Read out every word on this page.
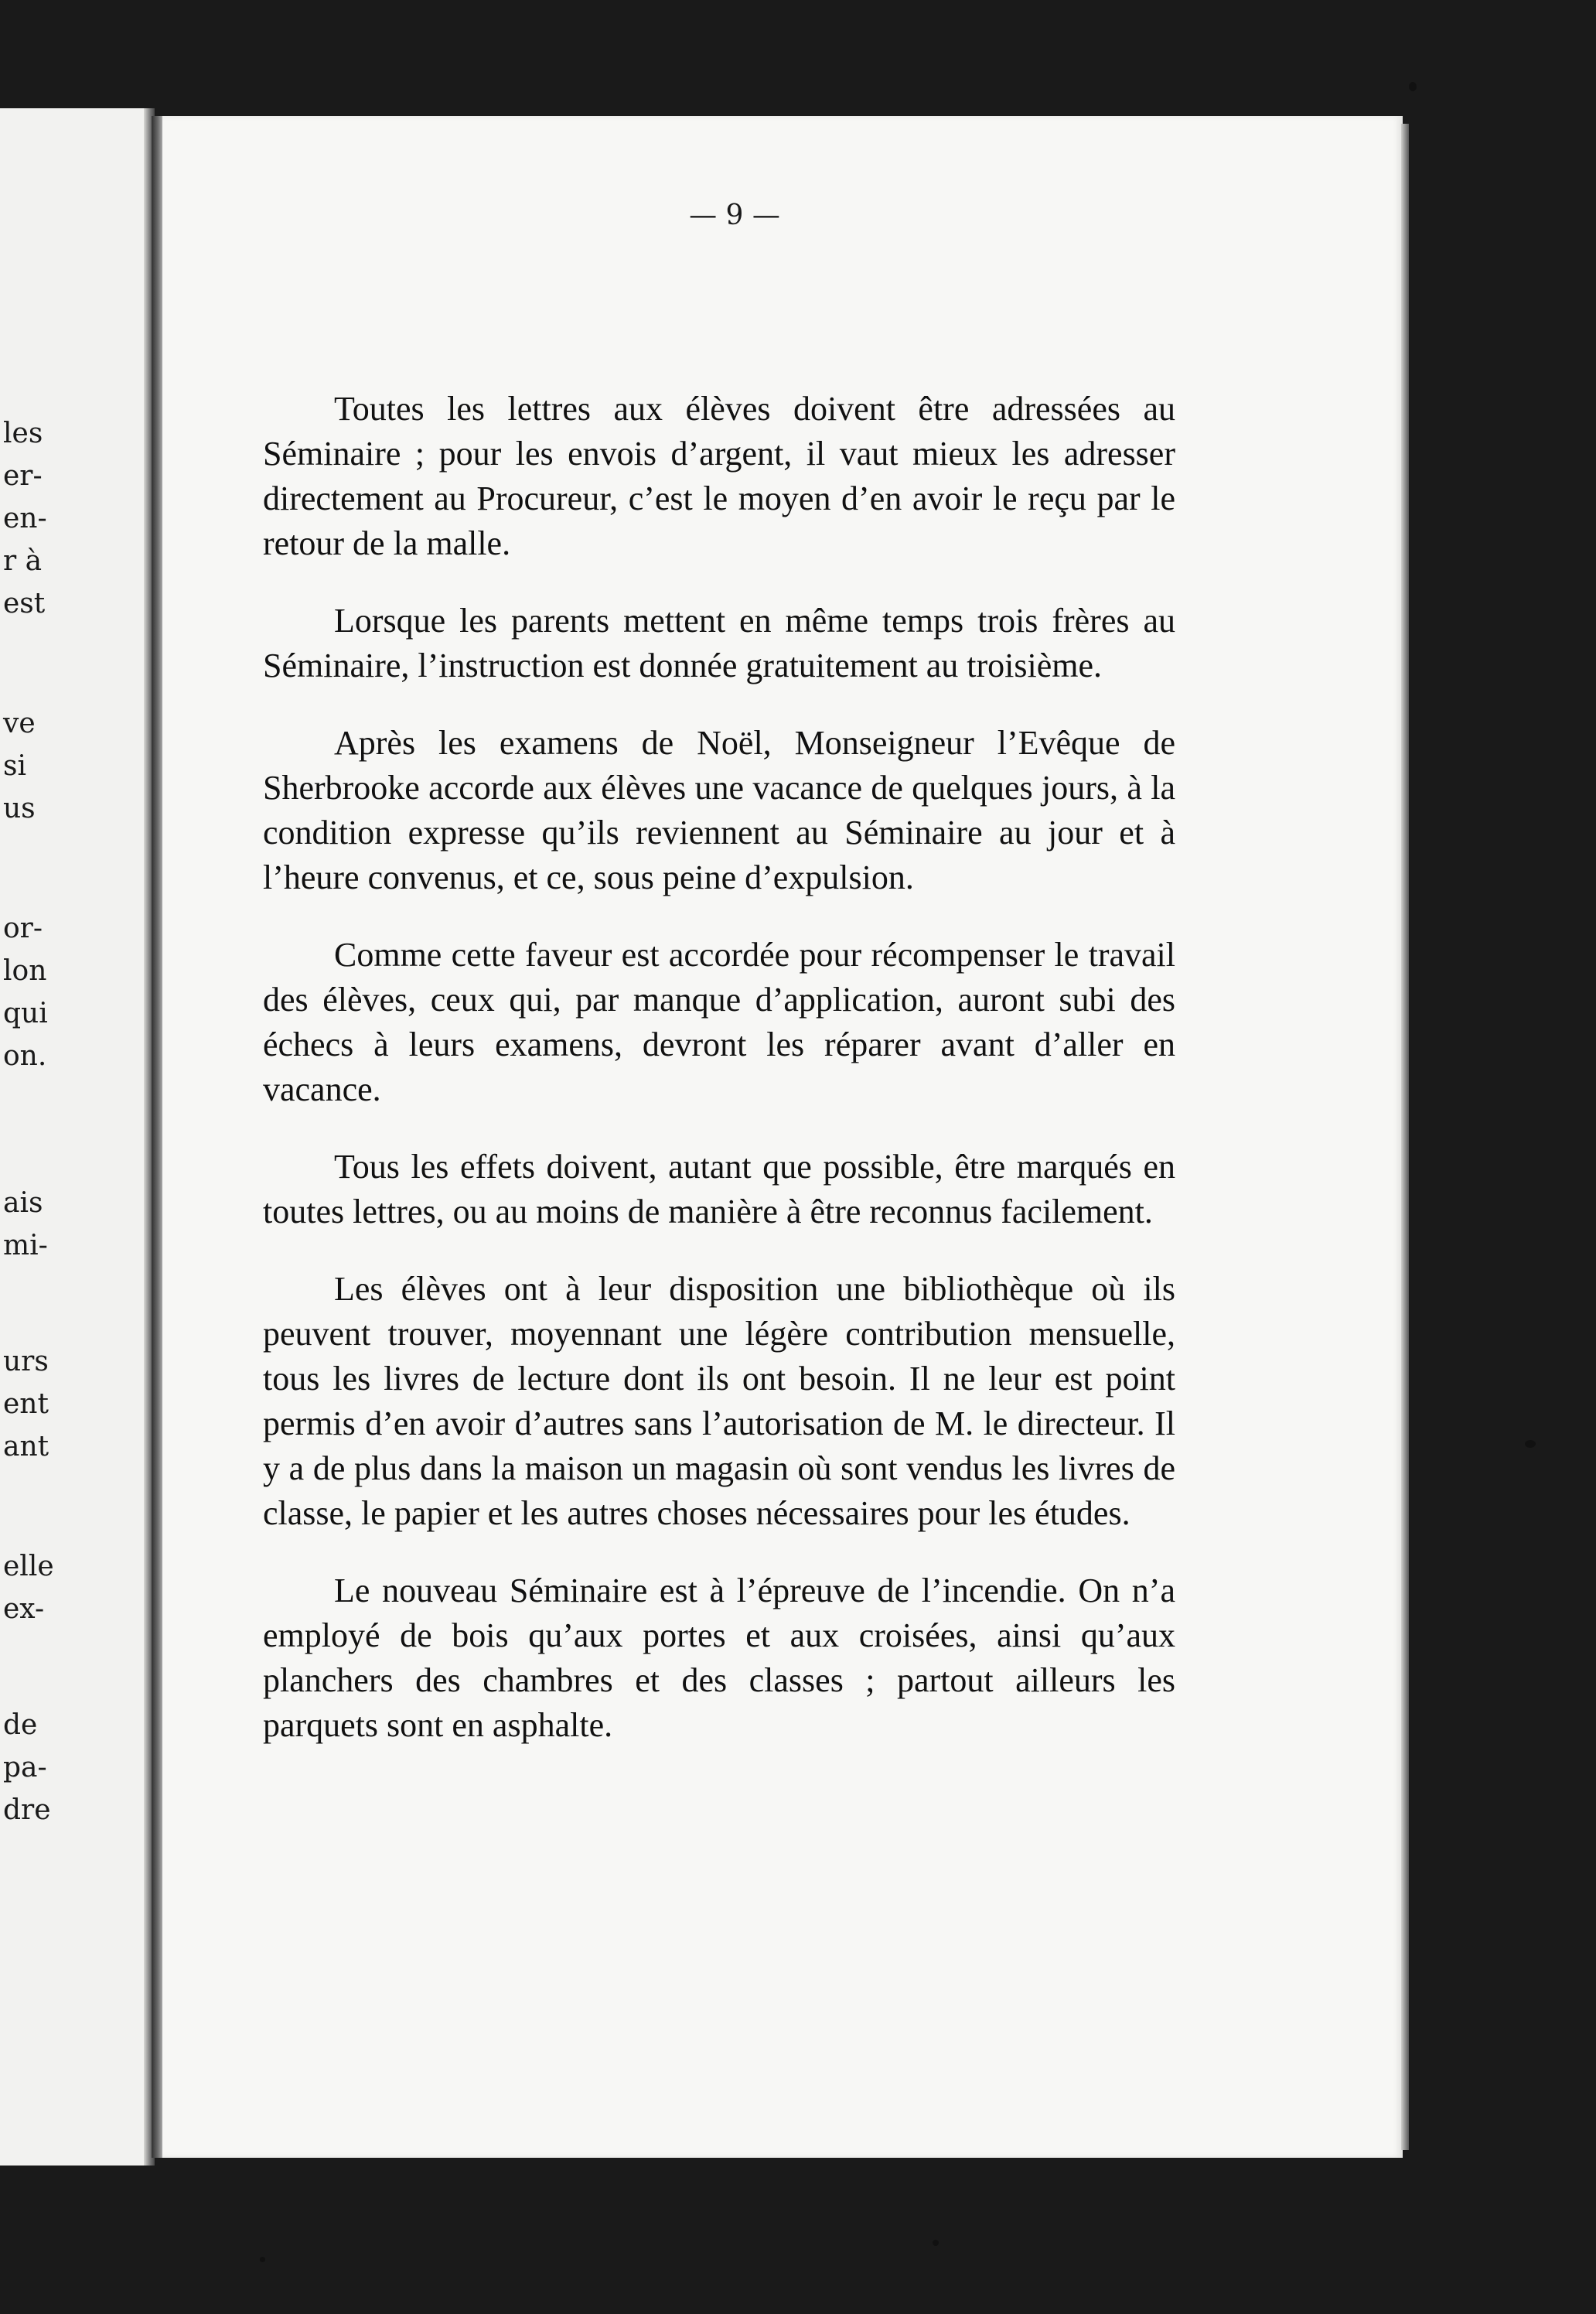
les
er-
en-
r à
est
ve
si
us
or-
lon
qui
on.
ais
mi-
urs
ent
ant
elle
ex-
de
pa-
dre
— 9 —

Toutes les lettres aux élèves doivent être adressées au Séminaire ; pour les envois d’argent, il vaut mieux les adresser directement au Procureur, c’est le moyen d’en avoir le reçu par le retour de la malle.

Lorsque les parents mettent en même temps trois frères au Séminaire, l’instruction est donnée gratuitement au troisième.

Après les examens de Noël, Monseigneur l’Evêque de Sherbrooke accorde aux élèves une vacance de quelques jours, à la condition expresse qu’ils reviennent au Séminaire au jour et à l’heure convenus, et ce, sous peine d’expulsion.

Comme cette faveur est accordée pour récompenser le travail des élèves, ceux qui, par manque d’application, auront subi des échecs à leurs examens, devront les réparer avant d’aller en vacance.

Tous les effets doivent, autant que possible, être marqués en toutes lettres, ou au moins de manière à être reconnus facilement.

Les élèves ont à leur disposition une bibliothèque où ils peuvent trouver, moyennant une légère contribution mensuelle, tous les livres de lecture dont ils ont besoin. Il ne leur est point permis d’en avoir d’autres sans l’autorisation de M. le directeur. Il y a de plus dans la maison un magasin où sont vendus les livres de classe, le papier et les autres choses nécessaires pour les études.

Le nouveau Séminaire est à l’épreuve de l’incendie. On n’a employé de bois qu’aux portes et aux croisées, ainsi qu’aux planchers des chambres et des classes ; partout ailleurs les parquets sont en asphalte.
